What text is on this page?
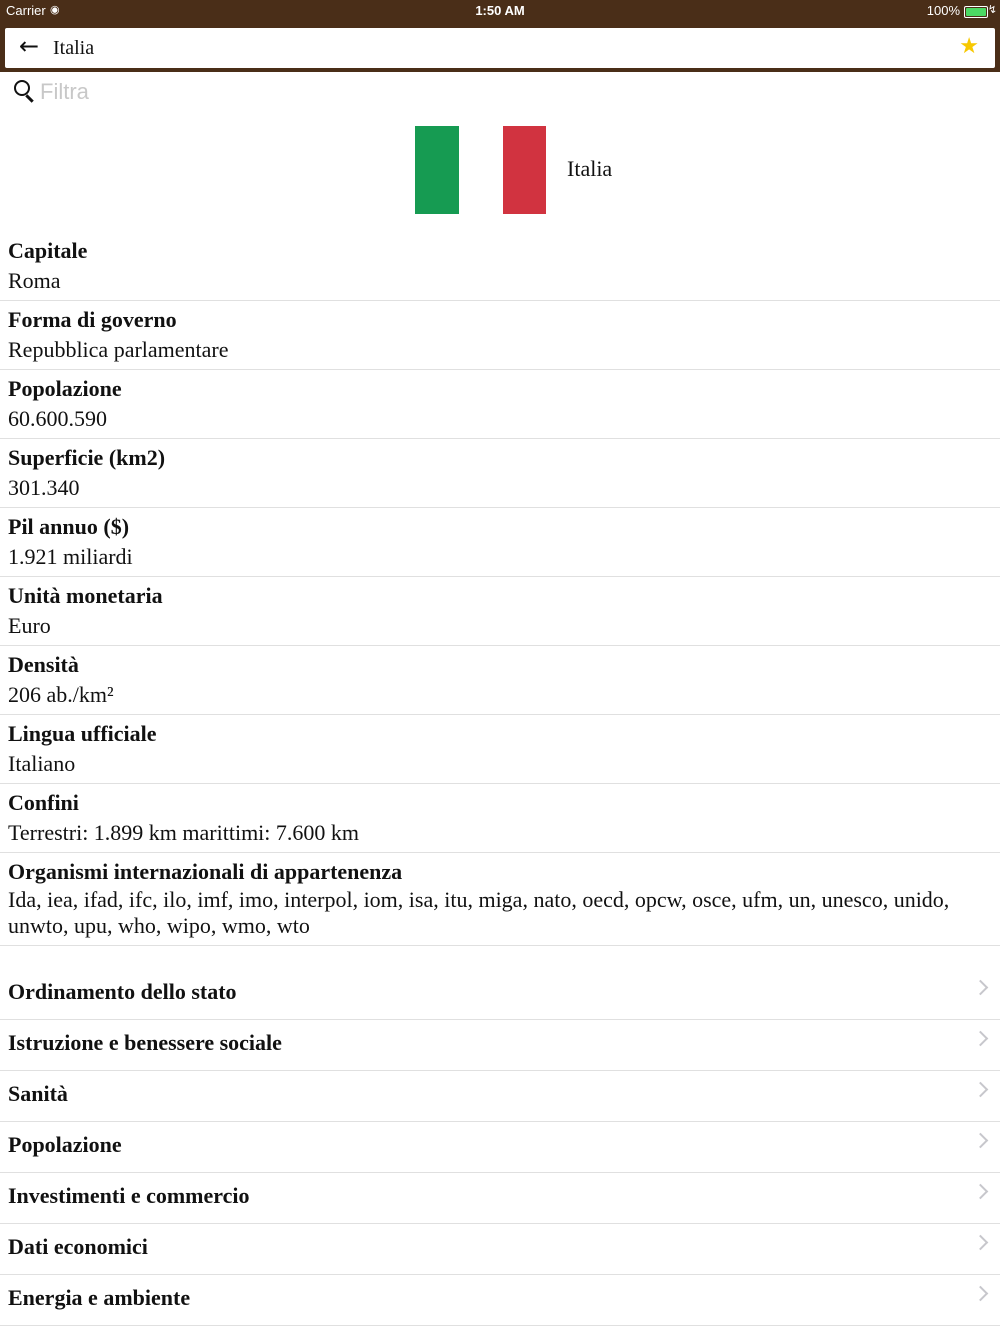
Carrier ◉	1:50 AM	100%	↯
← Italia	★
Filtra
Italia
Capitale
Roma
Forma di governo
Repubblica parlamentare
Popolazione
60.600.590
Superficie (km2)
301.340
Pil annuo ($)
1.921 miliardi
Unità monetaria
Euro
Densità
206 ab./km²
Lingua ufficiale
Italiano
Confini
Terrestri: 1.899 km marittimi: 7.600 km
Organismi internazionali di appartenenza
Ida, iea, ifad, ifc, ilo, imf, imo, interpol, iom, isa, itu, miga, nato, oecd, opcw, osce, ufm, un, unesco, unido, unwto, upu, who, wipo, wmo, wto
Ordinamento dello stato
Istruzione e benessere sociale
Sanità
Popolazione
Investimenti e commercio
Dati economici
Energia e ambiente
